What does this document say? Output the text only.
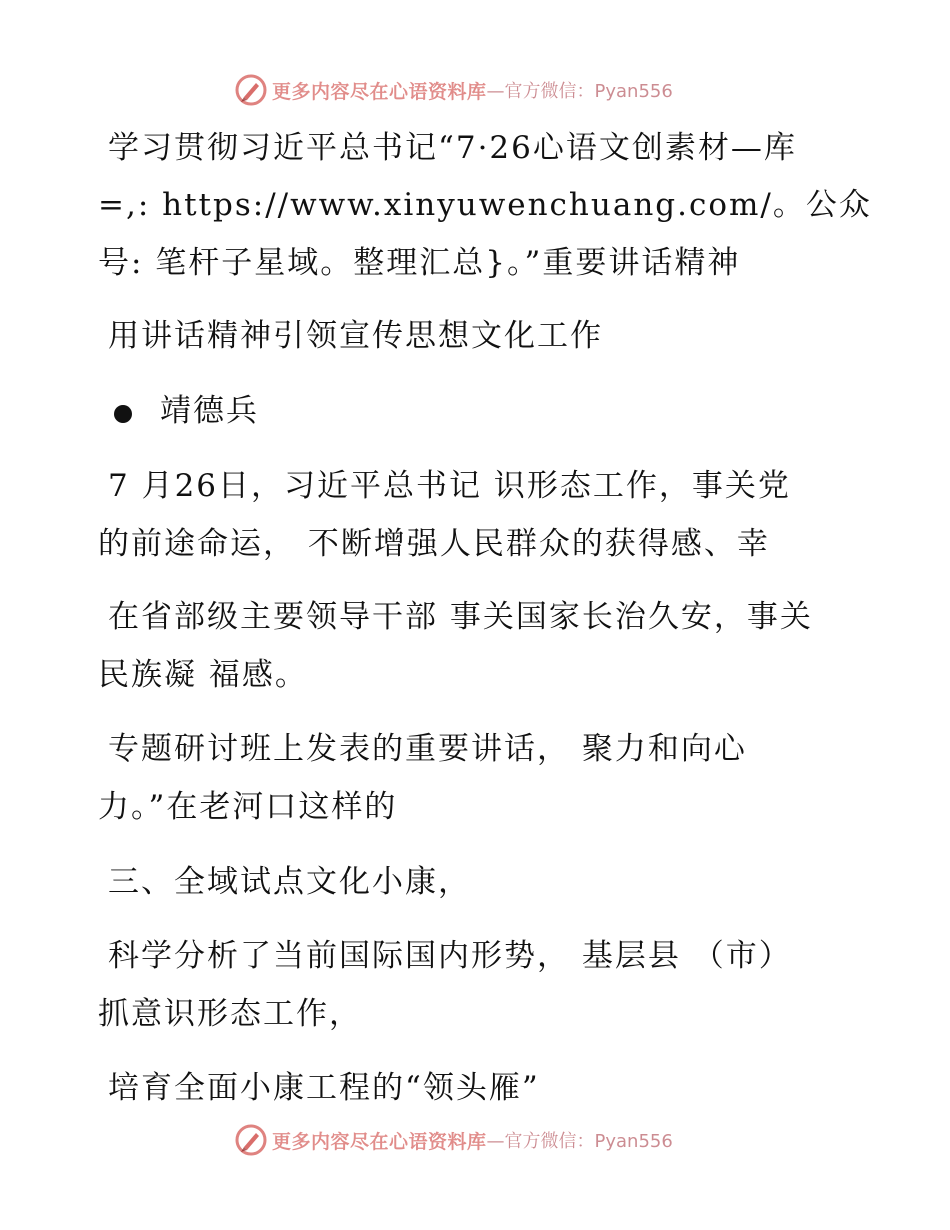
更多内容尽在心语资料库 —官方微信：Pyan556
学习贯彻习近平总书记“7·26心语文创素材—库
=,: https://www.xinyuwenchuang.com/。公众
号: 笔杆子星域。整理汇总}。”重要讲话精神
用讲话精神引领宣传思想文化工作
靖德兵
7 月26日，习近平总书记 识形态工作，事关党
的前途命运， 不断增强人民群众的获得感、幸
在省部级主要领导干部 事关国家长治久安，事关
民族凝 福感。
专题研讨班上发表的重要讲话， 聚力和向心
力。”在老河口这样的
三、全域试点文化小康，
科学分析了当前国际国内形势， 基层县 （市）
抓意识形态工作，
培育全面小康工程的“领头雁”
更多内容尽在心语资料库 —官方微信：Pyan556
